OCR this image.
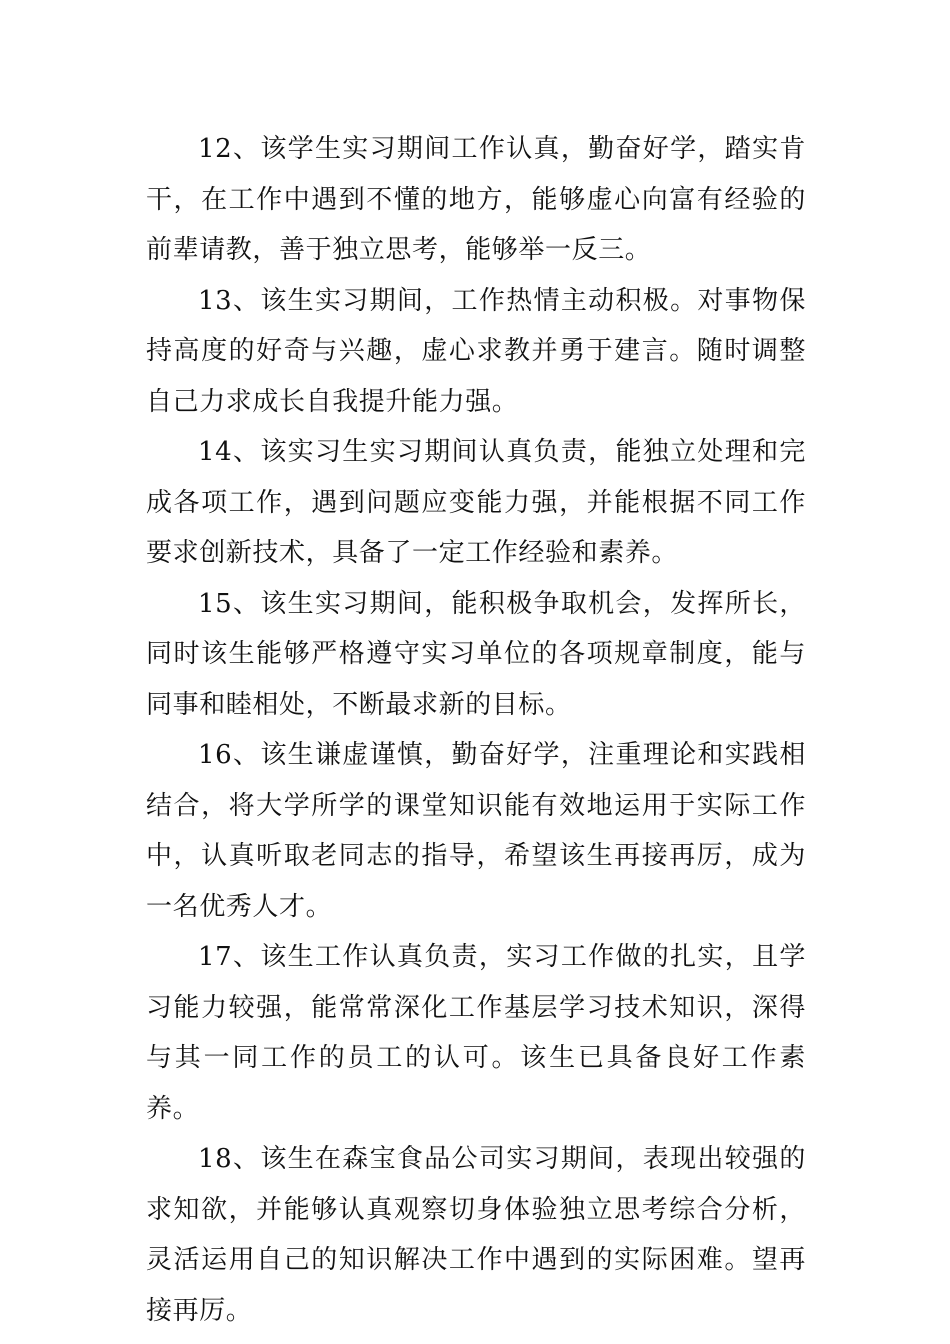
12、该学生实习期间工作认真，勤奋好学，踏实肯干，在工作中遇到不懂的地方，能够虚心向富有经验的前辈请教，善于独立思考，能够举一反三。

13、该生实习期间，工作热情主动积极。对事物保持高度的好奇与兴趣，虚心求教并勇于建言。随时调整自己力求成长自我提升能力强。

14、该实习生实习期间认真负责，能独立处理和完成各项工作，遇到问题应变能力强，并能根据不同工作要求创新技术，具备了一定工作经验和素养。

15、该生实习期间，能积极争取机会，发挥所长，同时该生能够严格遵守实习单位的各项规章制度，能与同事和睦相处，不断最求新的目标。

16、该生谦虚谨慎，勤奋好学，注重理论和实践相结合，将大学所学的课堂知识能有效地运用于实际工作中，认真听取老同志的指导，希望该生再接再厉，成为一名优秀人才。

17、该生工作认真负责，实习工作做的扎实，且学习能力较强，能常常深化工作基层学习技术知识，深得与其一同工作的员工的认可。该生已具备良好工作素养。

18、该生在森宝食品公司实习期间，表现出较强的求知欲，并能够认真观察切身体验独立思考综合分析，灵活运用自己的知识解决工作中遇到的实际困难。望再接再厉。
